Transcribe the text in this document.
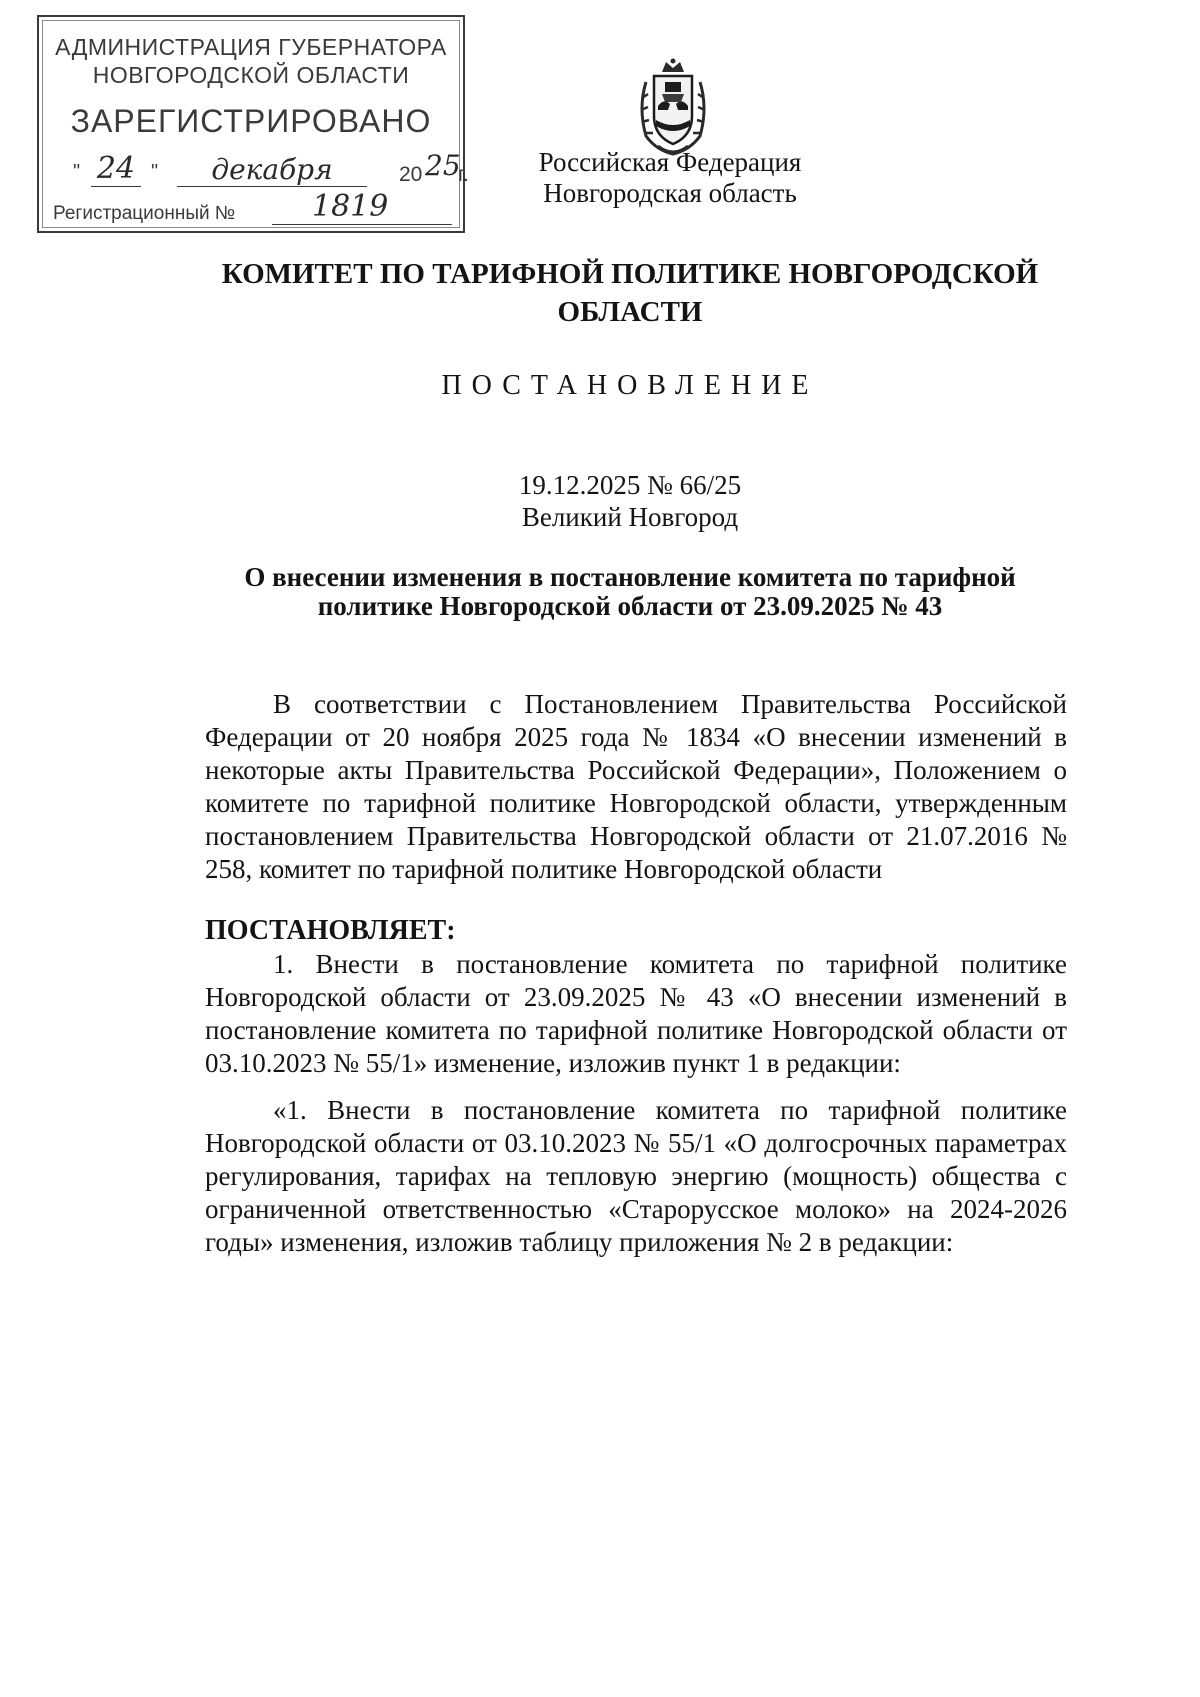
АДМИНИСТРАЦИЯ ГУБЕРНАТОРА
НОВГОРОДСКОЙ ОБЛАСТИ
ЗАРЕГИСТРИРОВАНО
" 24 "	декабря	20 25
г.
Регистрационный №	1819
Российская Федерация
Новгородская область
КОМИТЕТ ПО ТАРИФНОЙ ПОЛИТИКЕ НОВГОРОДСКОЙ ОБЛАСТИ
ПОСТАНОВЛЕНИЕ
19.12.2025 № 66/25
Великий Новгород
О внесении изменения в постановление комитета по тарифной политике Новгородской области от 23.09.2025 № 43

В соответствии с Постановлением Правительства Российской Федерации от 20 ноября 2025 года № 1834 «О внесении изменений в некоторые акты Правительства Российской Федерации», Положением о комитете по тарифной политике Новгородской области, утвержденным постановлением Правительства Новгородской области от 21.07.2016 № 258, комитет по тарифной политике Новгородской области

ПОСТАНОВЛЯЕТ:

1. Внести в постановление комитета по тарифной политике Новгородской области от 23.09.2025 № 43 «О внесении изменений в постановление комитета по тарифной политике Новгородской области от 03.10.2023 № 55/1» изменение, изложив пункт 1 в редакции:

«1. Внести в постановление комитета по тарифной политике Новгородской области от 03.10.2023 № 55/1 «О долгосрочных параметрах регулирования, тарифах на тепловую энергию (мощность) общества с ограниченной ответственностью «Старорусское молоко» на 2024-2026 годы» изменения, изложив таблицу приложения № 2 в редакции:
